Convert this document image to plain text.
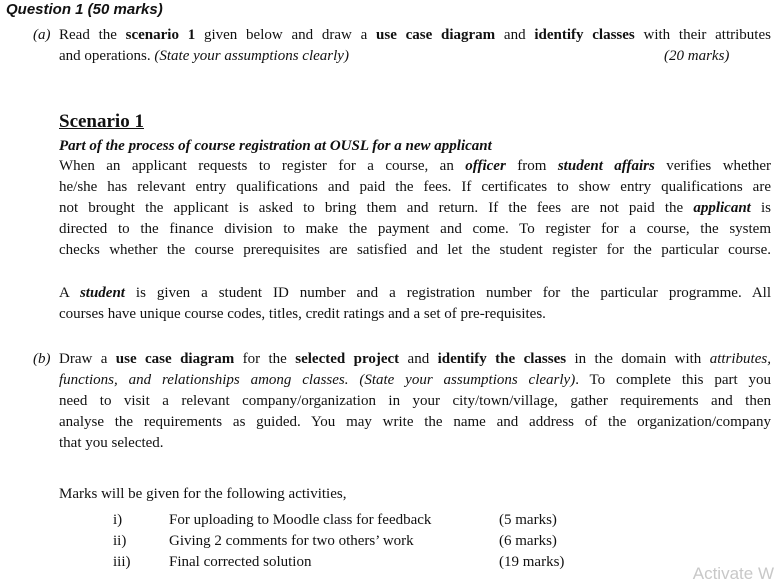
Question 1 (50 marks)
(a) Read the scenario 1 given below and draw a use case diagram and identify classes with their attributes
and operations. (State your assumptions clearly)	(20 marks)
Scenario 1
Part of the process of course registration at OUSL for a new applicant
When an applicant requests to register for a course, an officer from student affairs verifies whether
he/she has relevant entry qualifications and paid the fees. If certificates to show entry qualifications are
not brought the applicant is asked to bring them and return. If the fees are not paid the applicant is
directed to the finance division to make the payment and come. To register for a course, the system
checks whether the course prerequisites are satisfied and let the student register for the particular course.
A student is given a student ID number and a registration number for the particular programme. All
courses have unique course codes, titles, credit ratings and a set of pre-requisites.
(b) Draw a use case diagram for the selected project and identify the classes in the domain with attributes,
functions, and relationships among classes. (State your assumptions clearly). To complete this part you
need to visit a relevant company/organization in your city/town/village, gather requirements and then
analyse the requirements as guided. You may write the name and address of the organization/company
that you selected.
Marks will be given for the following activities,
i)	For uploading to Moodle class for feedback	(5 marks)
ii)	Giving 2 comments for two others’ work	(6 marks)
iii)	Final corrected solution	(19 marks)
Activate W
